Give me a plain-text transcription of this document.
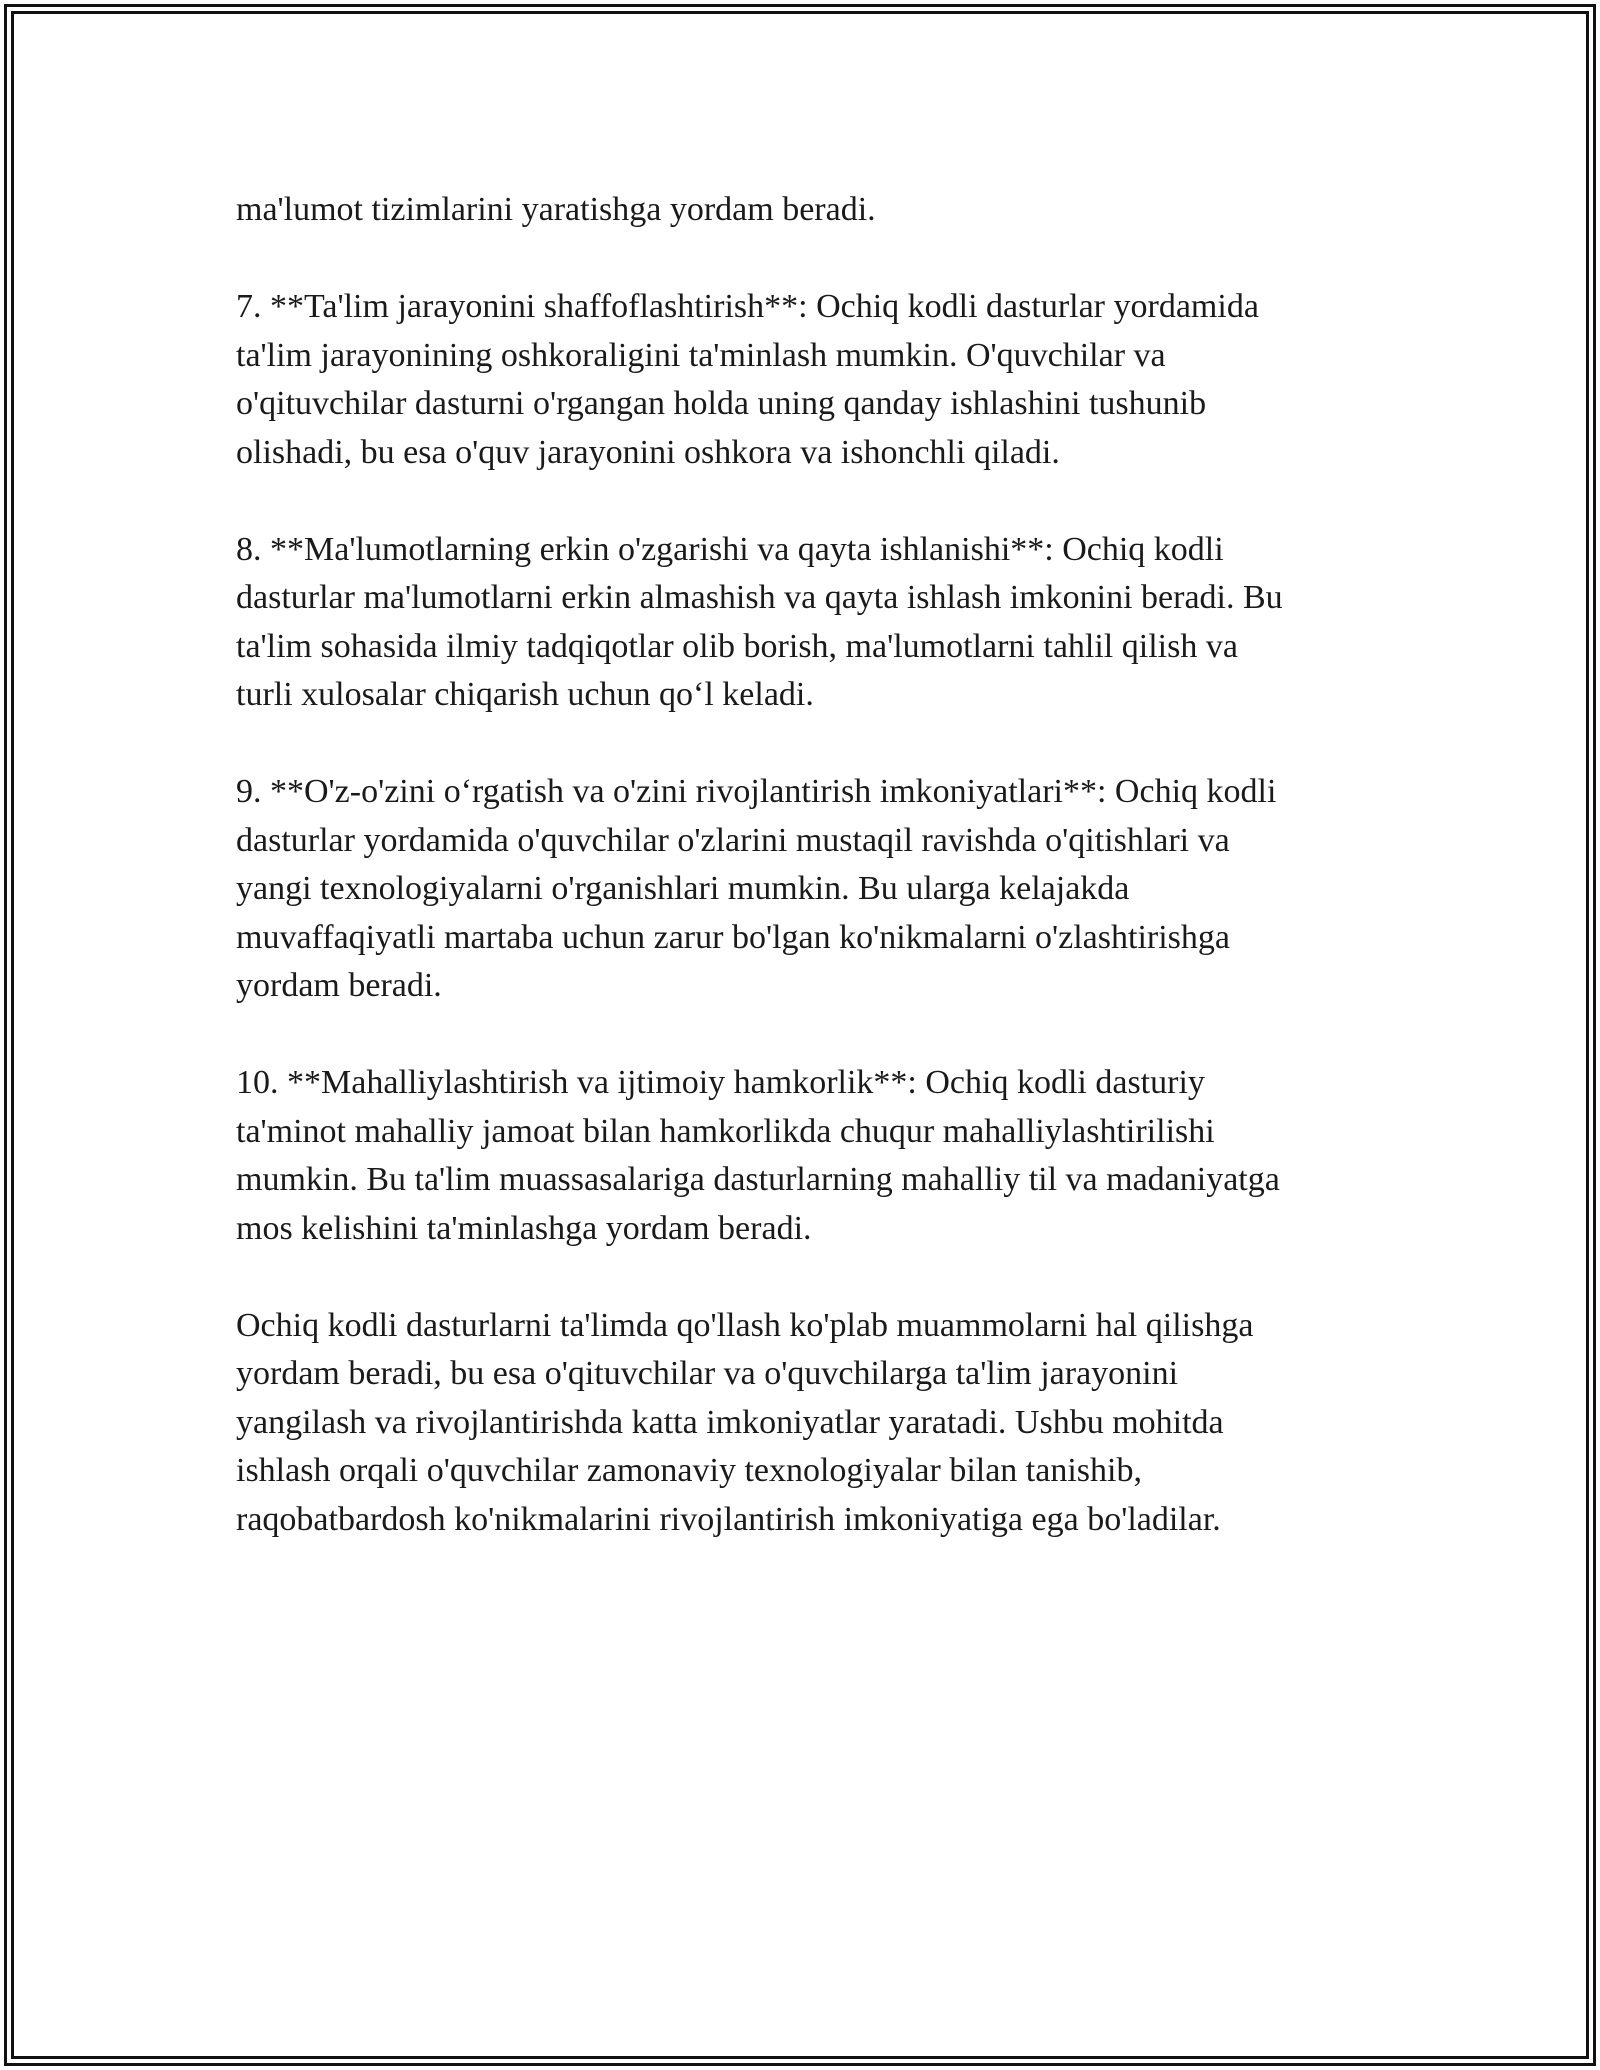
ma'lumot tizimlarini yaratishga yordam beradi.

7. **Ta'lim jarayonini shaffoflashtirish**: Ochiq kodli dasturlar yordamida
ta'lim jarayonining oshkoraligini ta'minlash mumkin. O'quvchilar va
o'qituvchilar dasturni o'rgangan holda uning qanday ishlashini tushunib
olishadi, bu esa o'quv jarayonini oshkora va ishonchli qiladi.

8. **Ma'lumotlarning erkin o'zgarishi va qayta ishlanishi**: Ochiq kodli
dasturlar ma'lumotlarni erkin almashish va qayta ishlash imkonini beradi. Bu
ta'lim sohasida ilmiy tadqiqotlar olib borish, ma'lumotlarni tahlil qilish va
turli xulosalar chiqarish uchun qo‘l keladi.

9. **O'z-o'zini o‘rgatish va o'zini rivojlantirish imkoniyatlari**: Ochiq kodli
dasturlar yordamida o'quvchilar o'zlarini mustaqil ravishda o'qitishlari va
yangi texnologiyalarni o'rganishlari mumkin. Bu ularga kelajakda
muvaffaqiyatli martaba uchun zarur bo'lgan ko'nikmalarni o'zlashtirishga
yordam beradi.

10. **Mahalliylashtirish va ijtimoiy hamkorlik**: Ochiq kodli dasturiy
ta'minot mahalliy jamoat bilan hamkorlikda chuqur mahalliylashtirilishi
mumkin. Bu ta'lim muassasalariga dasturlarning mahalliy til va madaniyatga
mos kelishini ta'minlashga yordam beradi.

Ochiq kodli dasturlarni ta'limda qo'llash ko'plab muammolarni hal qilishga
yordam beradi, bu esa o'qituvchilar va o'quvchilarga ta'lim jarayonini
yangilash va rivojlantirishda katta imkoniyatlar yaratadi. Ushbu mohitda
ishlash orqali o'quvchilar zamonaviy texnologiyalar bilan tanishib,
raqobatbardosh ko'nikmalarini rivojlantirish imkoniyatiga ega bo'ladilar.
